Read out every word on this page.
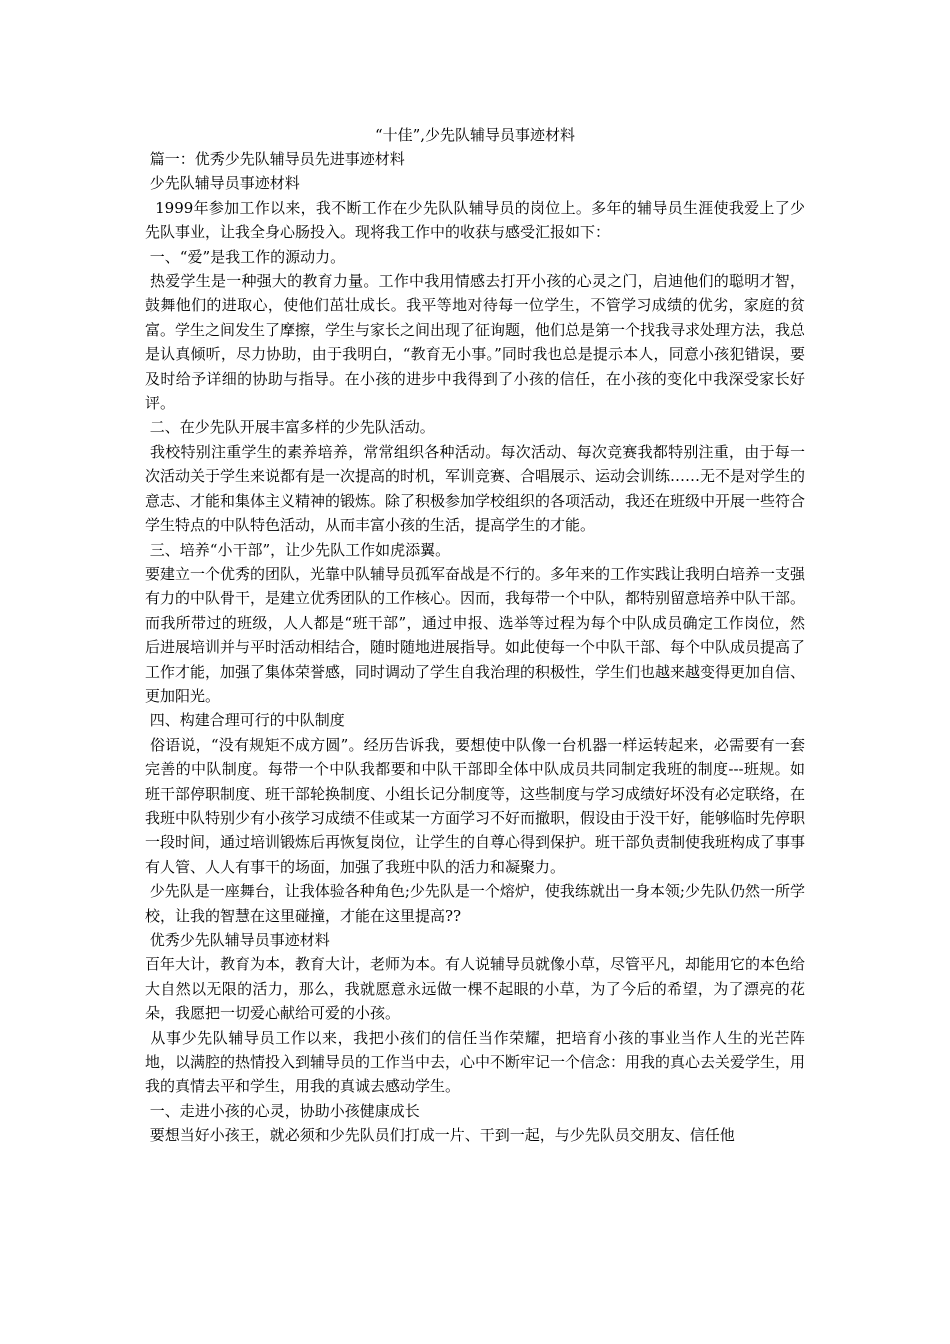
“十佳”,少先队辅导员事迹材料

篇一：优秀少先队辅导员先进事迹材料

少先队辅导员事迹材料

1999年参加工作以来，我不断工作在少先队队辅导员的岗位上。多年的辅导员生涯使我爱上了少先队事业，让我全身心肠投入。现将我工作中的收获与感受汇报如下：

一、“爱”是我工作的源动力。

热爱学生是一种强大的教育力量。工作中我用情感去打开小孩的心灵之门，启迪他们的聪明才智，鼓舞他们的进取心，使他们茁壮成长。我平等地对待每一位学生，不管学习成绩的优劣，家庭的贫富。学生之间发生了摩擦，学生与家长之间出现了征询题，他们总是第一个找我寻求处理方法，我总是认真倾听，尽力协助，由于我明白，“教育无小事。”同时我也总是提示本人，同意小孩犯错误，要及时给予详细的协助与指导。在小孩的进步中我得到了小孩的信任，在小孩的变化中我深受家长好评。

二、在少先队开展丰富多样的少先队活动。

我校特别注重学生的素养培养，常常组织各种活动。每次活动、每次竞赛我都特别注重，由于每一次活动关于学生来说都有是一次提高的时机，军训竞赛、合唱展示、运动会训练……无不是对学生的意志、才能和集体主义精神的锻炼。除了积极参加学校组织的各项活动，我还在班级中开展一些符合学生特点的中队特色活动，从而丰富小孩的生活，提高学生的才能。

三、培养“小干部”，让少先队工作如虎添翼。

要建立一个优秀的团队，光靠中队辅导员孤军奋战是不行的。多年来的工作实践让我明白培养一支强有力的中队骨干，是建立优秀团队的工作核心。因而，我每带一个中队，都特别留意培养中队干部。而我所带过的班级，人人都是“班干部”，通过申报、选举等过程为每个中队成员确定工作岗位，然后进展培训并与平时活动相结合，随时随地进展指导。如此使每一个中队干部、每个中队成员提高了工作才能，加强了集体荣誉感，同时调动了学生自我治理的积极性，学生们也越来越变得更加自信、更加阳光。

四、构建合理可行的中队制度

俗语说，“没有规矩不成方圆”。经历告诉我，要想使中队像一台机器一样运转起来，必需要有一套完善的中队制度。每带一个中队我都要和中队干部即全体中队成员共同制定我班的制度---班规。如班干部停职制度、班干部轮换制度、小组长记分制度等，这些制度与学习成绩好坏没有必定联络，在我班中队特别少有小孩学习成绩不佳或某一方面学习不好而撤职，假设由于没干好，能够临时先停职一段时间，通过培训锻炼后再恢复岗位，让学生的自尊心得到保护。班干部负责制使我班构成了事事有人管、人人有事干的场面，加强了我班中队的活力和凝聚力。

少先队是一座舞台，让我体验各种角色;少先队是一个熔炉，使我练就出一身本领;少先队仍然一所学校，让我的智慧在这里碰撞，才能在这里提高??

优秀少先队辅导员事迹材料

百年大计，教育为本，教育大计，老师为本。有人说辅导员就像小草，尽管平凡，却能用它的本色给大自然以无限的活力，那么，我就愿意永远做一棵不起眼的小草，为了今后的希望，为了漂亮的花朵，我愿把一切爱心献给可爱的小孩。

从事少先队辅导员工作以来，我把小孩们的信任当作荣耀，把培育小孩的事业当作人生的光芒阵地，以满腔的热情投入到辅导员的工作当中去，心中不断牢记一个信念：用我的真心去关爱学生，用我的真情去平和学生，用我的真诚去感动学生。

一、走进小孩的心灵，协助小孩健康成长

要想当好小孩王，就必须和少先队员们打成一片、干到一起，与少先队员交朋友、信任他
